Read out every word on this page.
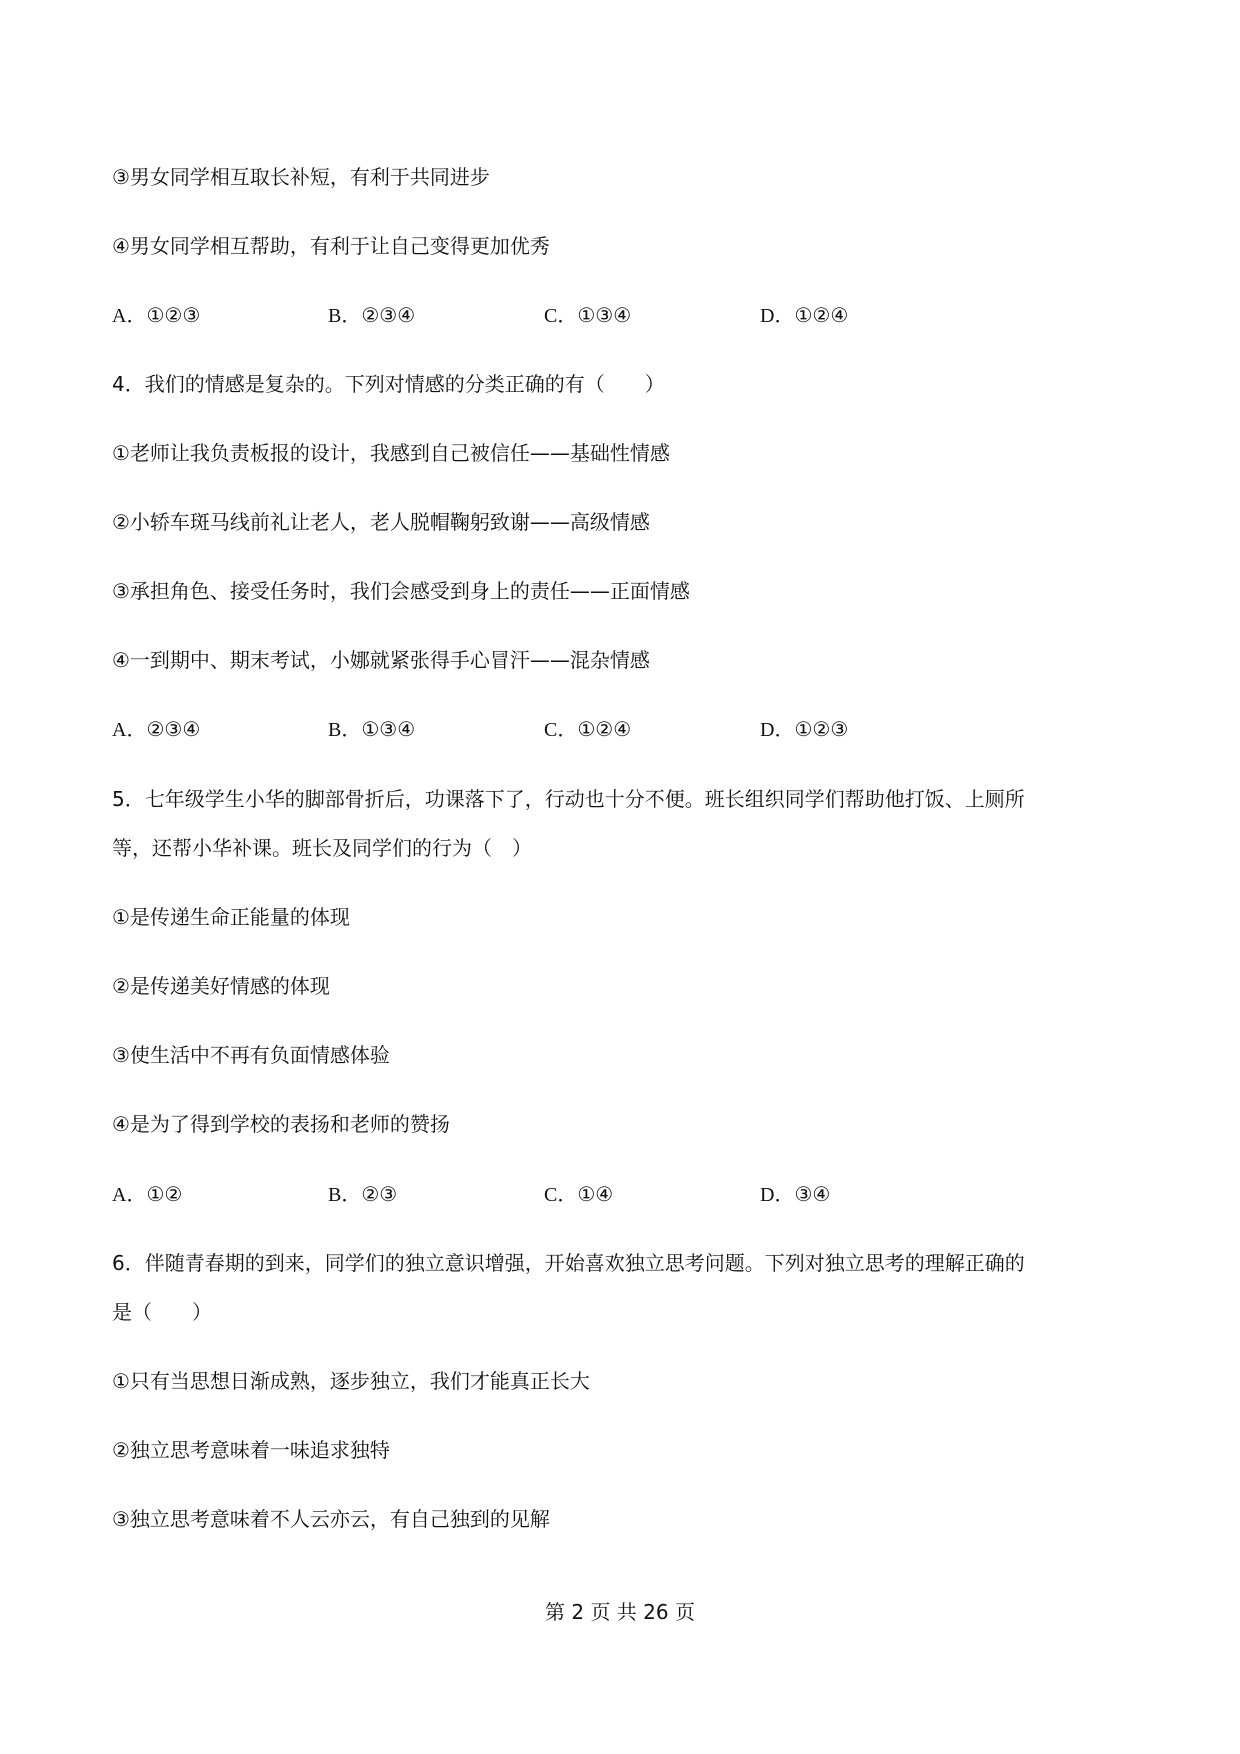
③男女同学相互取长补短，有利于共同进步
④男女同学相互帮助，有利于让自己变得更加优秀
A．①②③	B．②③④	C．①③④	D．①②④
4．我们的情感是复杂的。下列对情感的分类正确的有（　　）
①老师让我负责板报的设计，我感到自己被信任——基础性情感
②小轿车斑马线前礼让老人，老人脱帽鞠躬致谢——高级情感
③承担角色、接受任务时，我们会感受到身上的责任——正面情感
④一到期中、期末考试，小娜就紧张得手心冒汗——混杂情感
A．②③④	B．①③④	C．①②④	D．①②③
5．七年级学生小华的脚部骨折后，功课落下了，行动也十分不便。班长组织同学们帮助他打饭、上厕所
等，还帮小华补课。班长及同学们的行为（　）
①是传递生命正能量的体现
②是传递美好情感的体现
③使生活中不再有负面情感体验
④是为了得到学校的表扬和老师的赞扬
A．①②	B．②③	C．①④	D．③④
6．伴随青春期的到来，同学们的独立意识增强，开始喜欢独立思考问题。下列对独立思考的理解正确的
是（　　）
①只有当思想日渐成熟，逐步独立，我们才能真正长大
②独立思考意味着一味追求独特
③独立思考意味着不人云亦云，有自己独到的见解
第 2 页 共 26 页
